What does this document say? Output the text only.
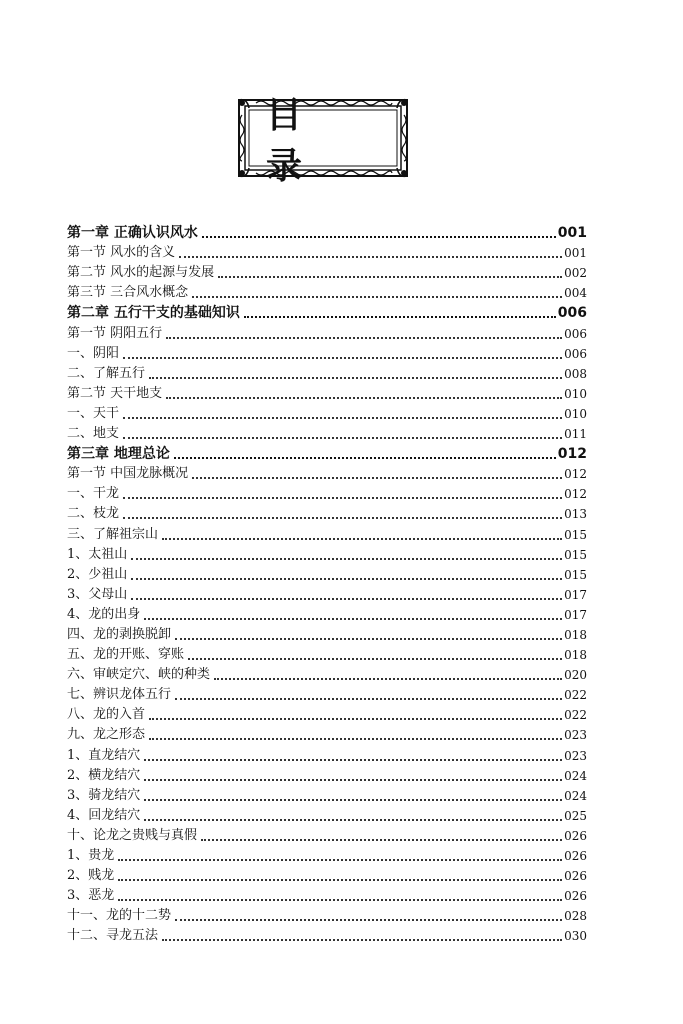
目 录
第一章 正确认识风水	001
第一节 风水的含义	001
第二节 风水的起源与发展	002
第三节 三合风水概念	004
第二章 五行干支的基础知识	006
第一节 阴阳五行	006
一、阴阳	006
二、了解五行	008
第二节 天干地支	010
一、天干	010
二、地支	011
第三章 地理总论	012
第一节 中国龙脉概况	012
一、干龙	012
二、枝龙	013
三、了解祖宗山	015
1、太祖山	015
2、少祖山	015
3、父母山	017
4、龙的出身	017
四、龙的剥换脱卸	018
五、龙的开账、穿账	018
六、审峡定穴、峡的种类	020
七、辨识龙体五行	022
八、龙的入首	022
九、龙之形态	023
1、直龙结穴	023
2、横龙结穴	024
3、骑龙结穴	024
4、回龙结穴	025
十、论龙之贵贱与真假	026
1、贵龙	026
2、贱龙	026
3、恶龙	026
十一、龙的十二势	028
十二、寻龙五法	030
